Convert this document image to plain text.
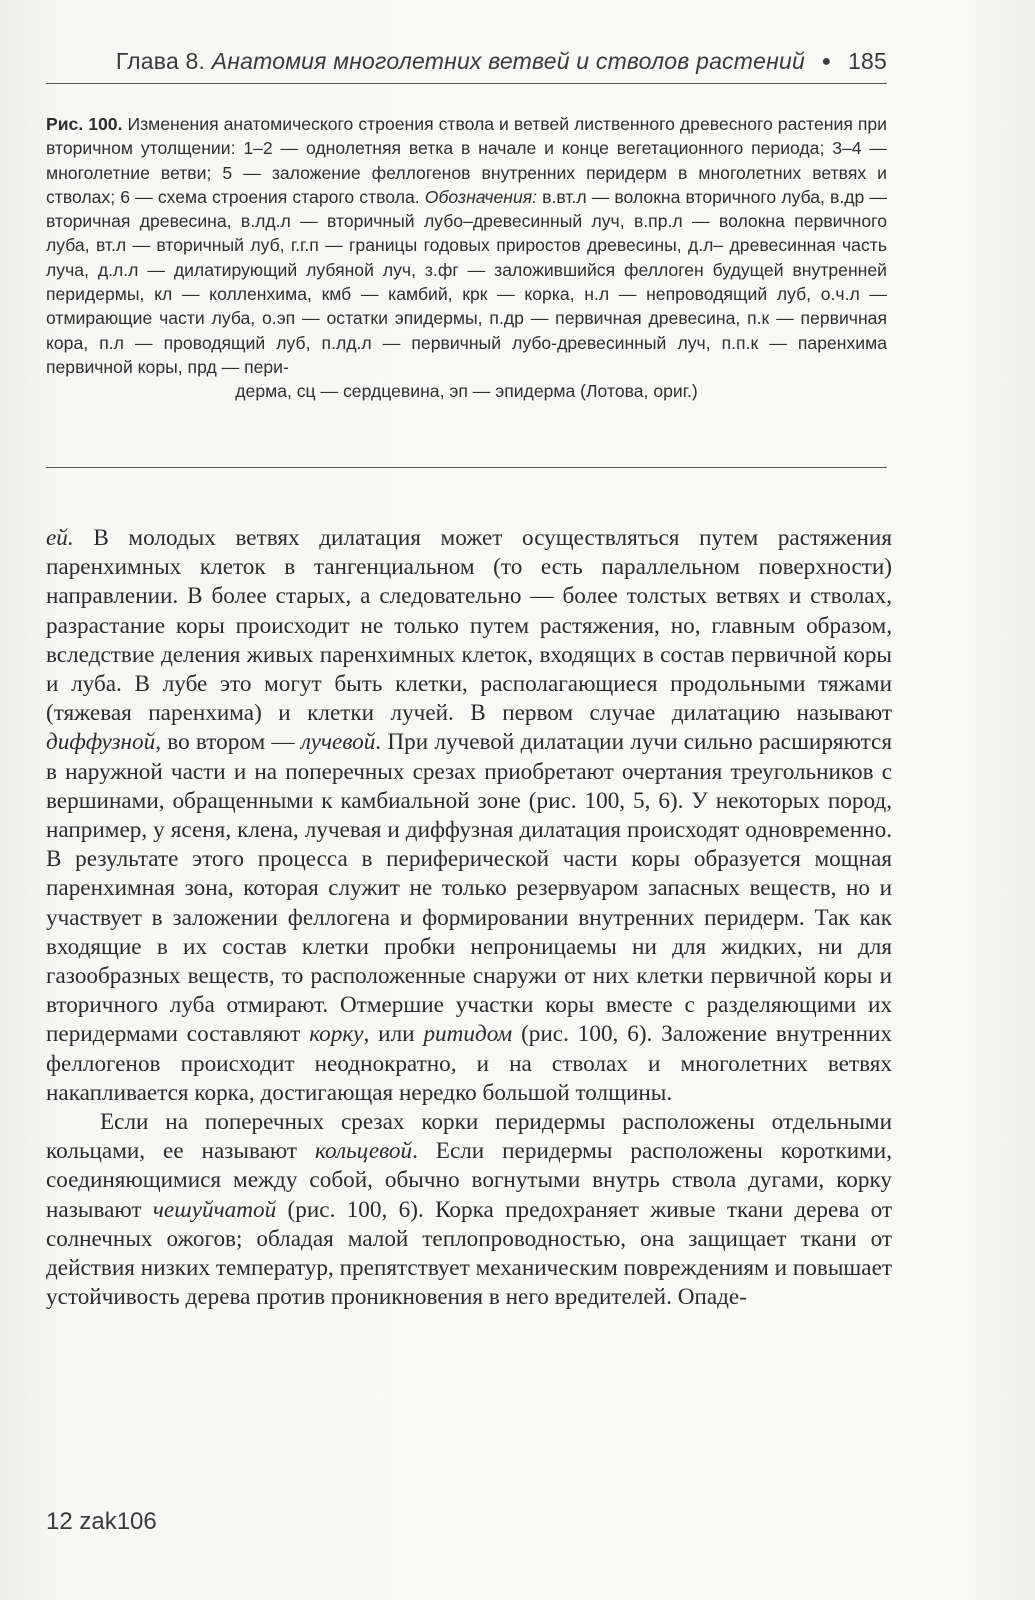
Глава 8. Анатомия многолетних ветвей и стволов растений ● 185
Рис. 100. Изменения анатомического строения ствола и ветвей лиственного древесного растения при вторичном утолщении: 1–2 — однолетняя ветка в начале и конце вегетационного периода; 3–4 — многолетние ветви; 5 — заложение феллогенов внутренних перидерм в многолетних ветвях и стволах; 6 — схема строения старого ствола. Обозначения: в.вт.л — волокна вторичного луба, в.др — вторичная древесина, в.лд.л — вторичный лубо–древесинный луч, в.пр.л — волокна первичного луба, вт.л — вторичный луб, г.г.п — границы годовых приростов древесины, д.л– древесинная часть луча, д.л.л — дилатирующий лубяной луч, з.фг — заложившийся феллоген будущей внутренней перидермы, кл — колленхима, кмб — камбий, крк — корка, н.л — непроводящий луб, о.ч.л — отмирающие части луба, о.эп — остатки эпидермы, п.др — первичная древесина, п.к — первичная кора, п.л — проводящий луб, п.лд.л — первичный лубо-древесинный луч, п.п.к — паренхима первичной коры, прд — пери-
дерма, сц — сердцевина, эп — эпидерма (Лотова, ориг.)

ей. В молодых ветвях дилатация может осуществляться путем растяжения паренхимных клеток в тангенциальном (то есть параллельном поверхности) направлении. В более старых, а следовательно — более толстых ветвях и стволах, разрастание коры происходит не только путем растяжения, но, главным образом, вследствие деления живых паренхимных клеток, входящих в состав первичной коры и луба. В лубе это могут быть клетки, располагающиеся продольными тяжами (тяжевая паренхима) и клетки лучей. В первом случае дилатацию называют диффузной, во втором — лучевой. При лучевой дилатации лучи сильно расширяются в наружной части и на поперечных срезах приобретают очертания треугольников с вершинами, обращенными к камбиальной зоне (рис. 100, 5, 6). У некоторых пород, например, у ясеня, клена, лучевая и диффузная дилатация происходят одновременно. В результате этого процесса в периферической части коры образуется мощная паренхимная зона, которая служит не только резервуаром запасных веществ, но и участвует в заложении феллогена и формировании внутренних перидерм. Так как входящие в их состав клетки пробки непроницаемы ни для жидких, ни для газообразных веществ, то расположенные снаружи от них клетки первичной коры и вторичного луба отмирают. Отмершие участки коры вместе с разделяющими их перидермами составляют корку, или ритидом (рис. 100, 6). Заложение внутренних феллогенов происходит неоднократно, и на стволах и многолетних ветвях накапливается корка, достигающая нередко большой толщины.

Если на поперечных срезах корки перидермы расположены отдельными кольцами, ее называют кольцевой. Если перидермы расположены короткими, соединяющимися между собой, обычно вогнутыми внутрь ствола дугами, корку называют чешуйчатой (рис. 100, 6). Корка предохраняет живые ткани дерева от солнечных ожогов; обладая малой теплопроводностью, она защищает ткани от действия низких температур, препятствует механическим повреждениям и повышает устойчивость дерева против проникновения в него вредителей. Опаде-

12 zak106
